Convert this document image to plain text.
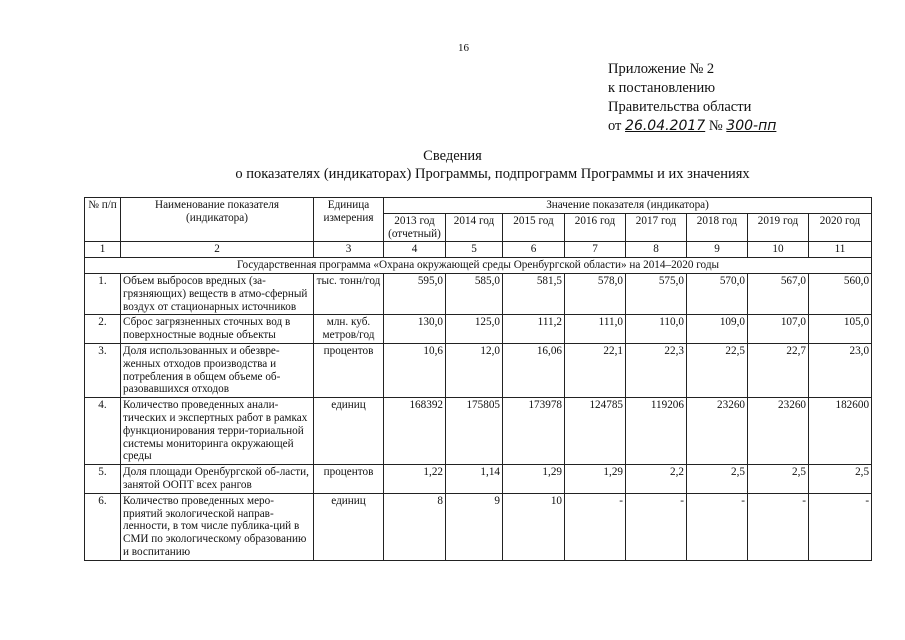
16
Приложение № 2
к постановлению
Правительства области
от 26.04.2017 № 300-пп
Сведения
о показателях (индикаторах) Программы, подпрограмм Программы и их значениях
№ п/п	Наименование показателя (индикатора)	Единица измерения	Значение показателя (индикатора)							
			2013 год (отчетный)	2014 год	2015 год	2016 год	2017 год	2018 год	2019 год	2020 год
1	2	3	4	5	6	7	8	9	10	11
Государственная программа «Охрана окружающей среды Оренбургской области» на 2014–2020 годы										
1.	Объем выбросов вредных (за-грязняющих) веществ в атмо-сферный воздух от стационарных источников	тыс. тонн/год	595,0	585,0	581,5	578,0	575,0	570,0	567,0	560,0
2.	Сброс загрязненных сточных вод в поверхностные водные объекты	млн. куб. метров/год	130,0	125,0	111,2	111,0	110,0	109,0	107,0	105,0
3.	Доля использованных и обезвре-женных отходов производства и потребления в общем объеме об-разовавшихся отходов	процентов	10,6	12,0	16,06	22,1	22,3	22,5	22,7	23,0
4.	Количество проведенных анали-тических и экспертных работ в рамках функционирования терри-ториальной системы мониторинга окружающей среды	единиц	168392	175805	173978	124785	119206	23260	23260	182600
5.	Доля площади Оренбургской об-ласти, занятой ООПТ всех рангов	процентов	1,22	1,14	1,29	1,29	2,2	2,5	2,5	2,5
6.	Количество проведенных меро-приятий экологической направ-ленности, в том числе публика-ций в СМИ по экологическому образованию и воспитанию	единиц	8	9	10	-	-	-	-	-
